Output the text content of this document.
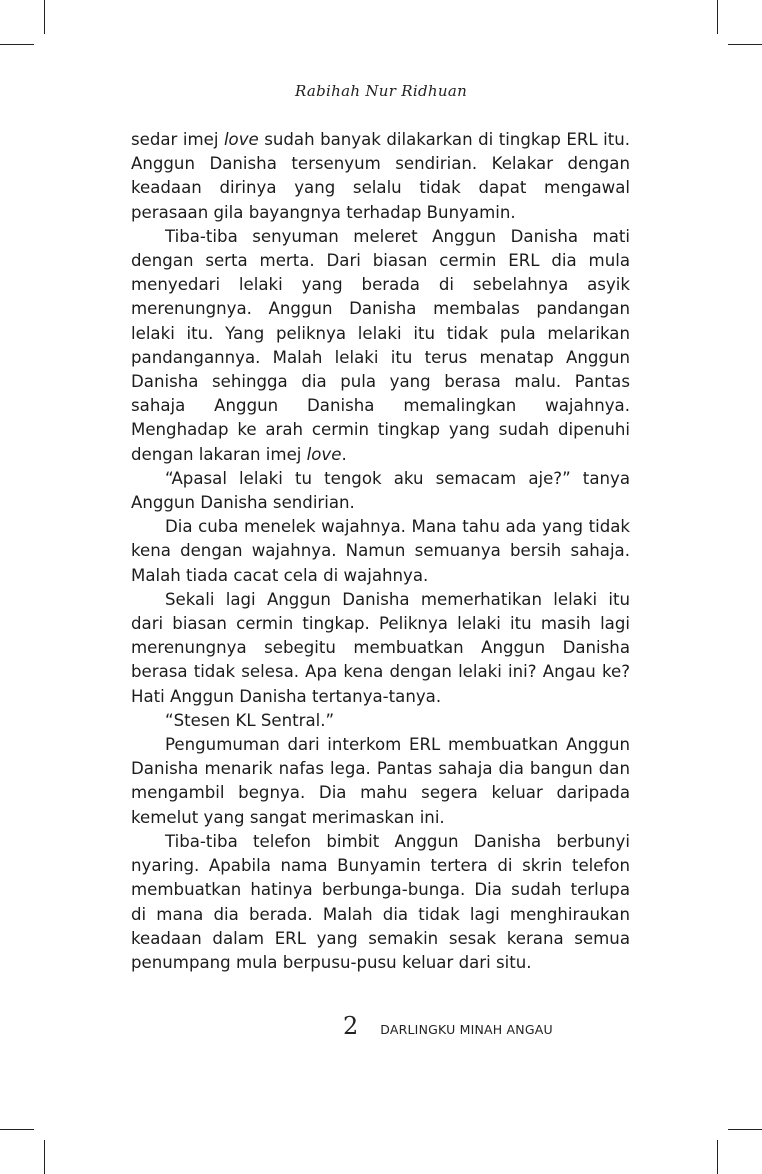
Rabihah Nur Ridhuan

sedar imej love sudah banyak dilakarkan di tingkap ERL itu. Anggun Danisha tersenyum sendirian. Kelakar dengan keadaan dirinya yang selalu tidak dapat mengawal perasaan gila bayangnya terhadap Bunyamin.

Tiba-tiba senyuman meleret Anggun Danisha mati dengan serta merta. Dari biasan cermin ERL dia mula menyedari lelaki yang berada di sebelahnya asyik merenungnya. Anggun Danisha membalas pandangan lelaki itu. Yang peliknya lelaki itu tidak pula melarikan pandangannya. Malah lelaki itu terus menatap Anggun Danisha sehingga dia pula yang berasa malu. Pantas sahaja Anggun Danisha memalingkan wajahnya. Menghadap ke arah cermin tingkap yang sudah dipenuhi dengan lakaran imej love.

“Apasal lelaki tu tengok aku semacam aje?” tanya Anggun Danisha sendirian.

Dia cuba menelek wajahnya. Mana tahu ada yang tidak kena dengan wajahnya. Namun semuanya bersih sahaja. Malah tiada cacat cela di wajahnya.

Sekali lagi Anggun Danisha memerhatikan lelaki itu dari biasan cermin tingkap. Peliknya lelaki itu masih lagi merenungnya sebegitu membuatkan Anggun Danisha berasa tidak selesa. Apa kena dengan lelaki ini? Angau ke? Hati Anggun Danisha tertanya-tanya.

“Stesen KL Sentral.”

Pengumuman dari interkom ERL membuatkan Anggun Danisha menarik nafas lega. Pantas sahaja dia bangun dan mengambil begnya. Dia mahu segera keluar daripada kemelut yang sangat merimaskan ini.

Tiba-tiba telefon bimbit Anggun Danisha berbunyi nyaring. Apabila nama Bunyamin tertera di skrin telefon membuatkan hatinya berbunga-bunga. Dia sudah terlupa di mana dia berada. Malah dia tidak lagi menghiraukan keadaan dalam ERL yang semakin sesak kerana semua penumpang mula berpusu-pusu keluar dari situ.

2 DARLINGKU MINAH ANGAU
